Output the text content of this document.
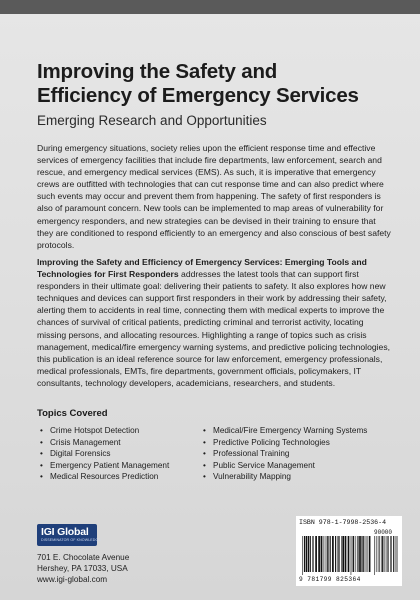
Improving the Safety and
Efficiency of Emergency Services
Emerging Research and Opportunities

During emergency situations, society relies upon the efficient response time and effective services of emergency facilities that include fire departments, law enforcement, search and rescue, and emergency medical services (EMS). As such, it is imperative that emergency crews are outfitted with technologies that can cut response time and can also predict where such events may occur and prevent them from happening. The safety of first responders is also of paramount concern. New tools can be implemented to map areas of vulnerability for emergency responders, and new strategies can be devised in their training to ensure that they are conditioned to respond efficiently to an emergency and also conscious of best safety protocols.

Improving the Safety and Efficiency of Emergency Services: Emerging Tools and Technologies for First Responders addresses the latest tools that can support first responders in their ultimate goal: delivering their patients to safety. It also explores how new techniques and devices can support first responders in their work by addressing their safety, alerting them to accidents in real time, connecting them with medical experts to improve the chances of survival of critical patients, predicting criminal and terrorist activity, locating missing persons, and allocating resources. Highlighting a range of topics such as crisis management, medical/fire emergency warning systems, and predictive policing technologies, this publication is an ideal reference source for law enforcement, emergency professionals, medical professionals, EMTs, fire departments, government officials, policymakers, IT consultants, technology developers, academicians, researchers, and students.

Topics Covered
• Crime Hotspot Detection
• Crisis Management
• Digital Forensics
• Emergency Patient Management
• Medical Resources Prediction
• Medical/Fire Emergency Warning Systems
• Predictive Policing Technologies
• Professional Training
• Public Service Management
• Vulnerability Mapping
IGI Global
DISSEMINATOR OF KNOWLEDGE
701 E. Chocolate Avenue
Hershey, PA 17033, USA
www.igi-global.com
ISBN 978-1-7998-2536-4
90000
9 781799 825364
